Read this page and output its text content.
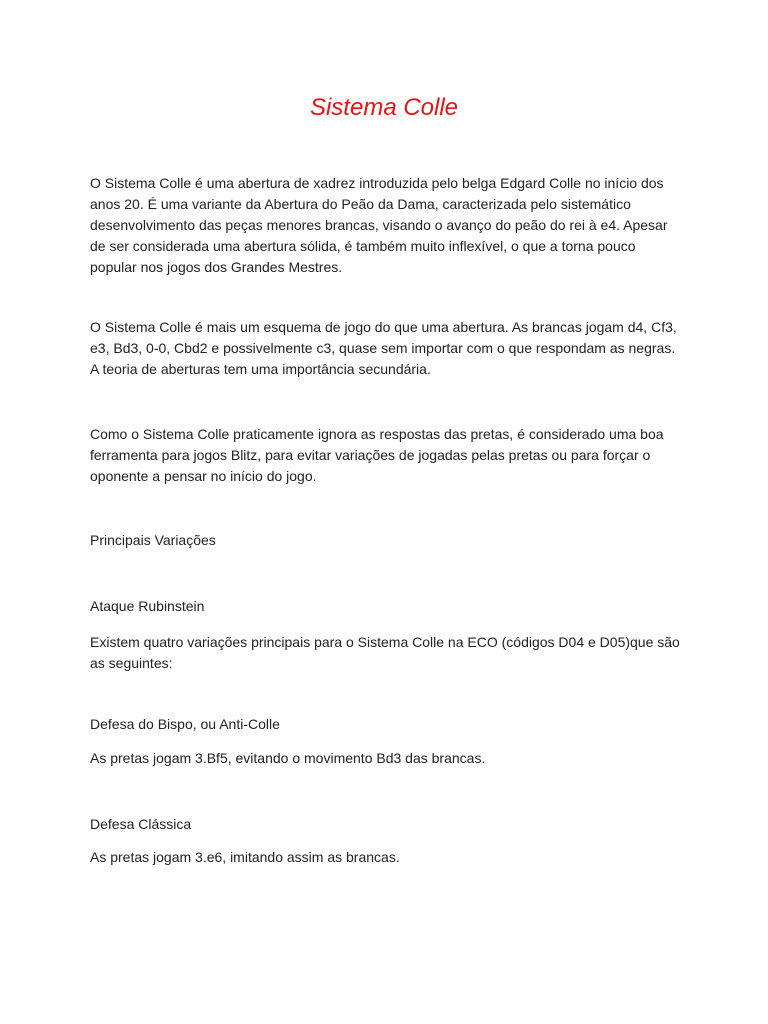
Sistema Colle

O Sistema Colle é uma abertura de xadrez introduzida pelo belga Edgard Colle no início dos anos 20. É uma variante da Abertura do Peão da Dama, caracterizada pelo sistemático desenvolvimento das peças menores brancas, visando o avanço do peão do rei à e4. Apesar de ser considerada uma abertura sólida, é também muito inflexível, o que a torna pouco popular nos jogos dos Grandes Mestres.

O Sistema Colle é mais um esquema de jogo do que uma abertura. As brancas jogam d4, Cf3, e3, Bd3, 0-0, Cbd2 e possivelmente c3, quase sem importar com o que respondam as negras. A teoria de aberturas tem uma importância secundária.

Como o Sistema Colle praticamente ignora as respostas das pretas, é considerado uma boa ferramenta para jogos Blitz, para evitar variações de jogadas pelas pretas ou para forçar o oponente a pensar no início do jogo.

Principais Variações

Ataque Rubinstein

Existem quatro variações principais para o Sistema Colle na ECO (códigos D04 e D05)que são as seguintes:

Defesa do Bispo, ou Anti-Colle

As pretas jogam 3.Bf5, evitando o movimento Bd3 das brancas.

Defesa Clássica

As pretas jogam 3.e6, imitando assim as brancas.
